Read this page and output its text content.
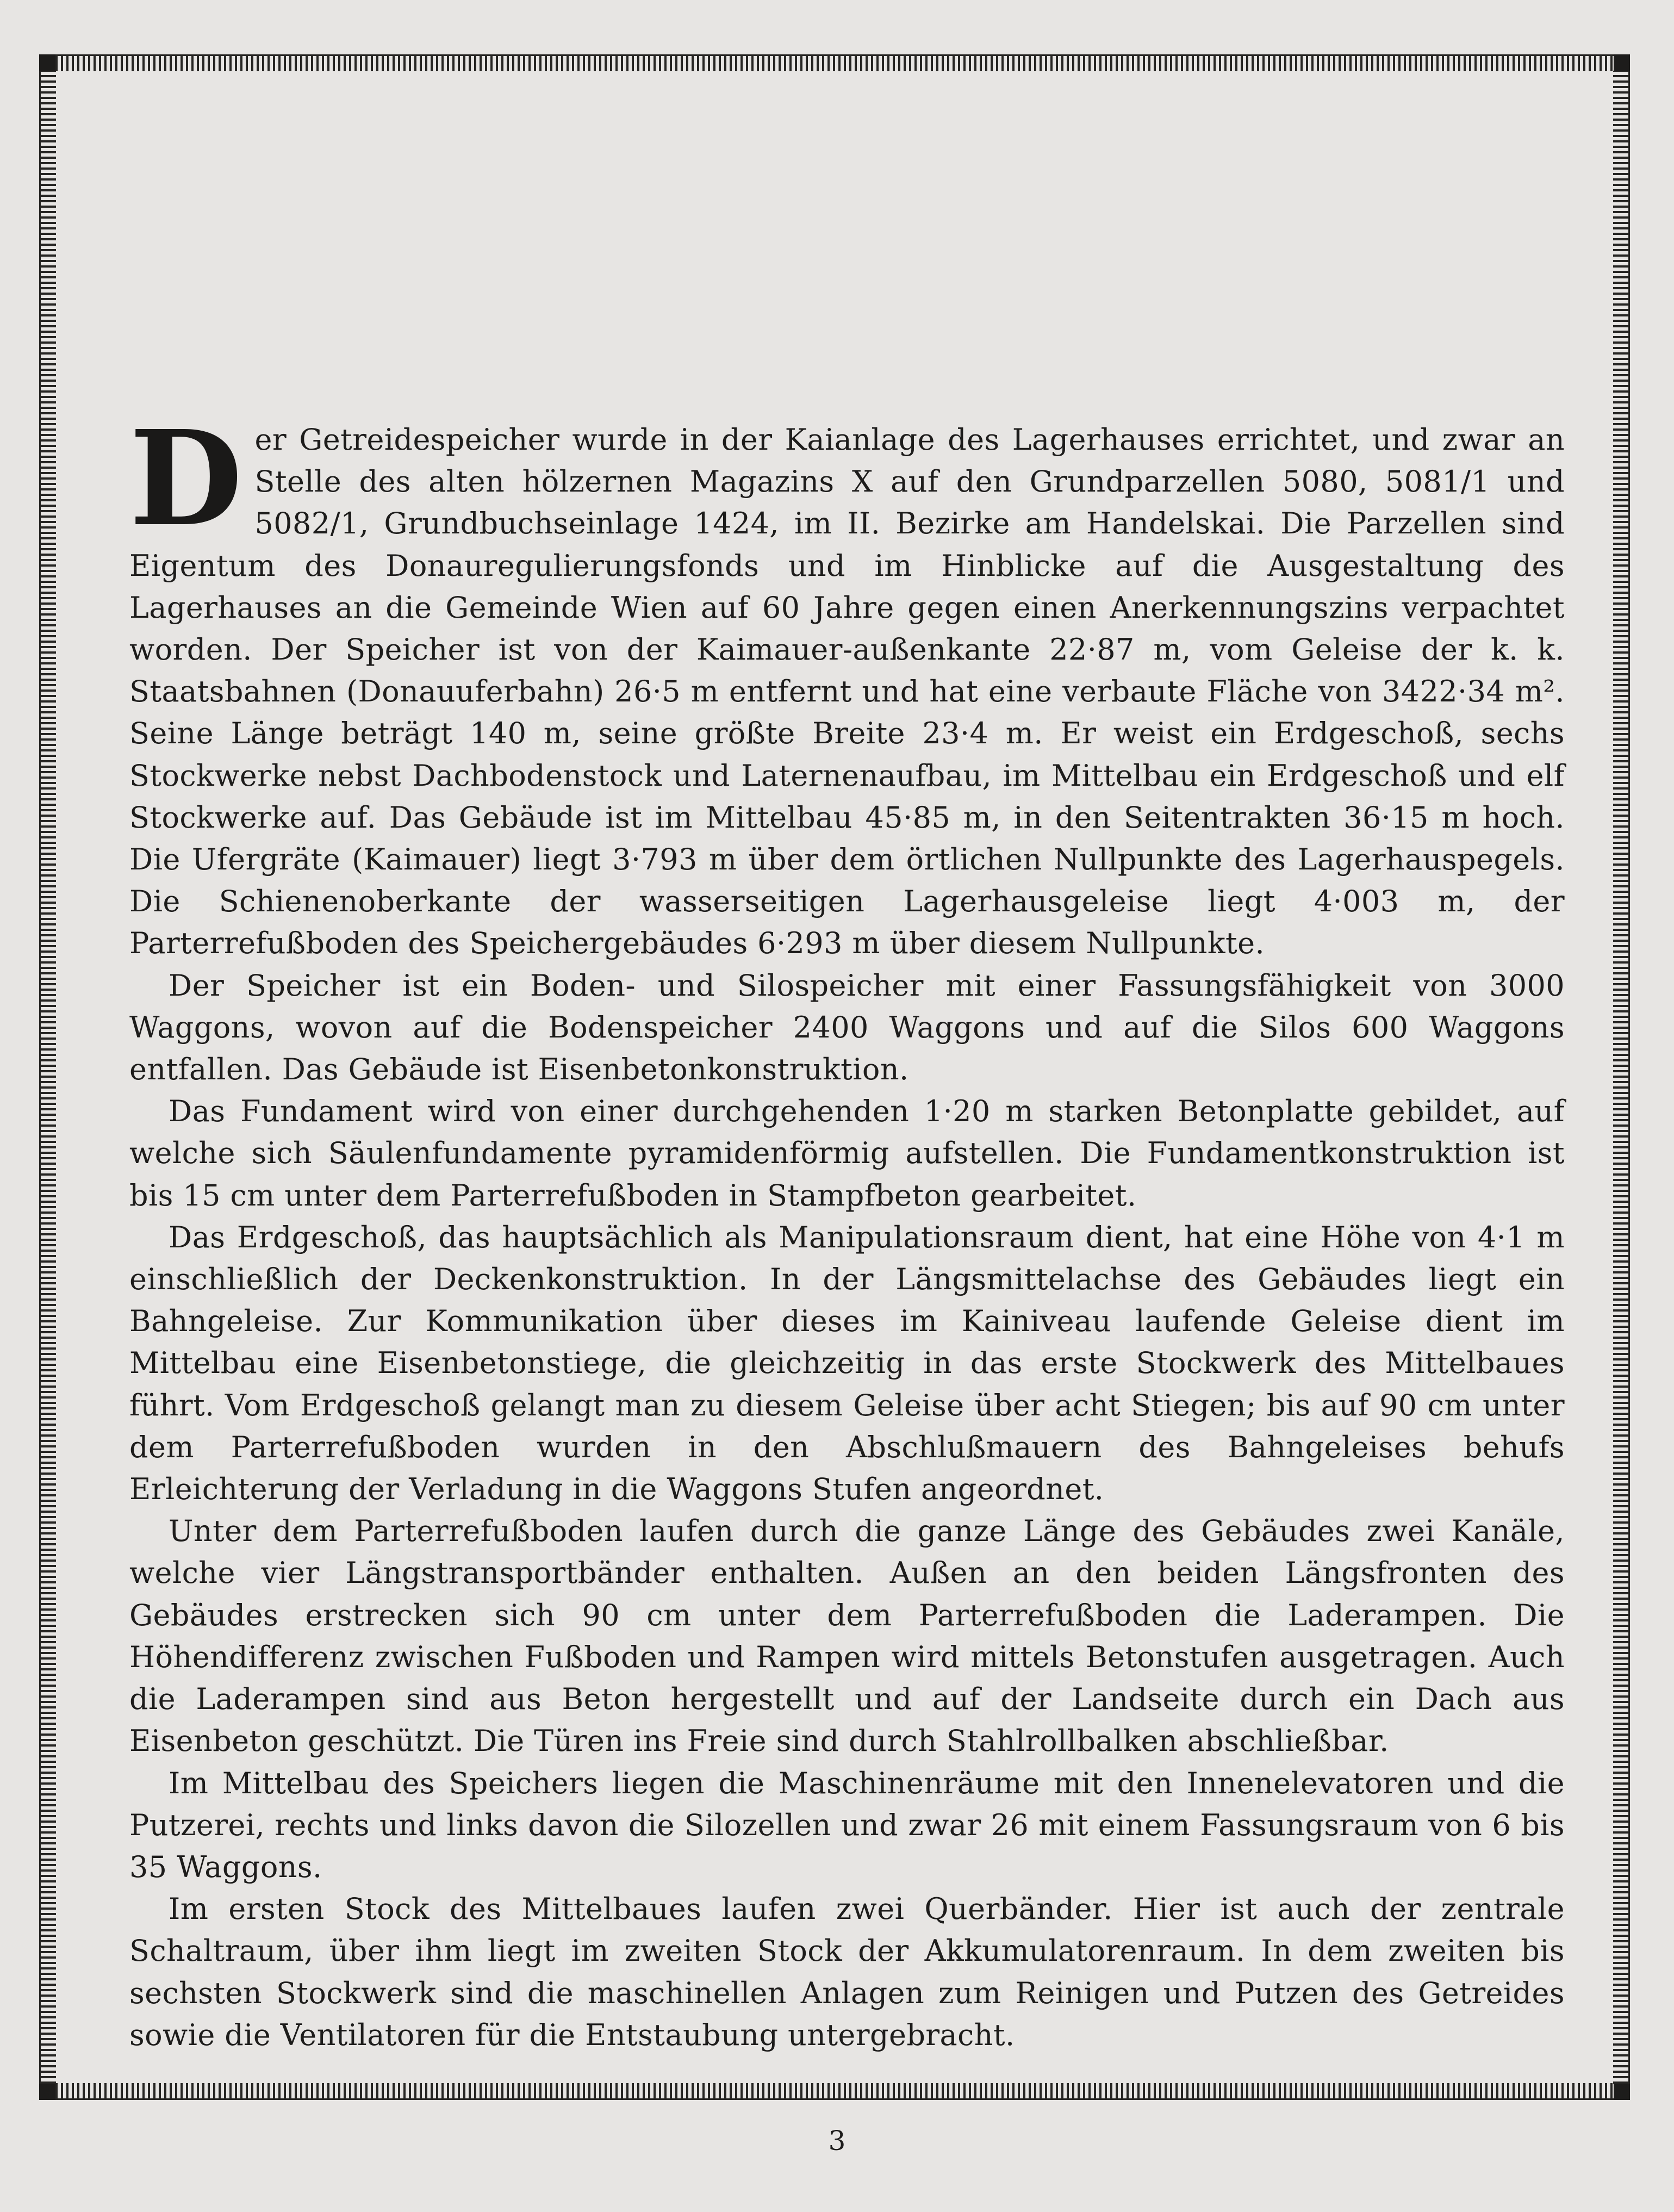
Der Getreidespeicher wurde in der Kaianlage des Lagerhauses errichtet, und zwar an Stelle des alten hölzernen Magazins X auf den Grundparzellen 5080, 5081/1 und 5082/1, Grundbuchseinlage 1424, im II. Bezirke am Handelskai. Die Parzellen sind Eigentum des Donauregulierungsfonds und im Hinblicke auf die Ausgestaltung des Lagerhauses an die Gemeinde Wien auf 60 Jahre gegen einen Anerkennungszins verpachtet worden. Der Speicher ist von der Kaimauer-außenkante 22·87 m, vom Geleise der k. k. Staatsbahnen (Donauuferbahn) 26·5 m entfernt und hat eine verbaute Fläche von 3422·34 m². Seine Länge beträgt 140 m, seine größte Breite 23·4 m. Er weist ein Erdgeschoß, sechs Stockwerke nebst Dachbodenstock und Laternenaufbau, im Mittelbau ein Erdgeschoß und elf Stockwerke auf. Das Gebäude ist im Mittelbau 45·85 m, in den Seitentrakten 36·15 m hoch. Die Ufergräte (Kaimauer) liegt 3·793 m über dem örtlichen Nullpunkte des Lagerhauspegels. Die Schienenoberkante der wasserseitigen Lagerhausgeleise liegt 4·003 m, der Parterrefußboden des Speichergebäudes 6·293 m über diesem Nullpunkte.

Der Speicher ist ein Boden- und Silospeicher mit einer Fassungsfähigkeit von 3000 Waggons, wovon auf die Bodenspeicher 2400 Waggons und auf die Silos 600 Waggons entfallen. Das Gebäude ist Eisenbetonkonstruktion.

Das Fundament wird von einer durchgehenden 1·20 m starken Betonplatte gebildet, auf welche sich Säulenfundamente pyramidenförmig aufstellen. Die Fundamentkonstruktion ist bis 15 cm unter dem Parterrefußboden in Stampfbeton gearbeitet.

Das Erdgeschoß, das hauptsächlich als Manipulationsraum dient, hat eine Höhe von 4·1 m einschließlich der Deckenkonstruktion. In der Längsmittelachse des Gebäudes liegt ein Bahngeleise. Zur Kommunikation über dieses im Kainiveau laufende Geleise dient im Mittelbau eine Eisenbetonstiege, die gleichzeitig in das erste Stockwerk des Mittelbaues führt. Vom Erdgeschoß gelangt man zu diesem Geleise über acht Stiegen; bis auf 90 cm unter dem Parterrefußboden wurden in den Abschlußmauern des Bahngeleises behufs Erleichterung der Verladung in die Waggons Stufen angeordnet.

Unter dem Parterrefußboden laufen durch die ganze Länge des Gebäudes zwei Kanäle, welche vier Längstransportbänder enthalten. Außen an den beiden Längsfronten des Gebäudes erstrecken sich 90 cm unter dem Parterrefußboden die Laderampen. Die Höhendifferenz zwischen Fußboden und Rampen wird mittels Betonstufen ausgetragen. Auch die Laderampen sind aus Beton hergestellt und auf der Landseite durch ein Dach aus Eisenbeton geschützt. Die Türen ins Freie sind durch Stahlrollbalken abschließbar.

Im Mittelbau des Speichers liegen die Maschinenräume mit den Innenelevatoren und die Putzerei, rechts und links davon die Silozellen und zwar 26 mit einem Fassungsraum von 6 bis 35 Waggons.

Im ersten Stock des Mittelbaues laufen zwei Querbänder. Hier ist auch der zentrale Schaltraum, über ihm liegt im zweiten Stock der Akkumulatorenraum. In dem zweiten bis sechsten Stockwerk sind die maschinellen Anlagen zum Reinigen und Putzen des Getreides sowie die Ventilatoren für die Entstaubung untergebracht.

3
